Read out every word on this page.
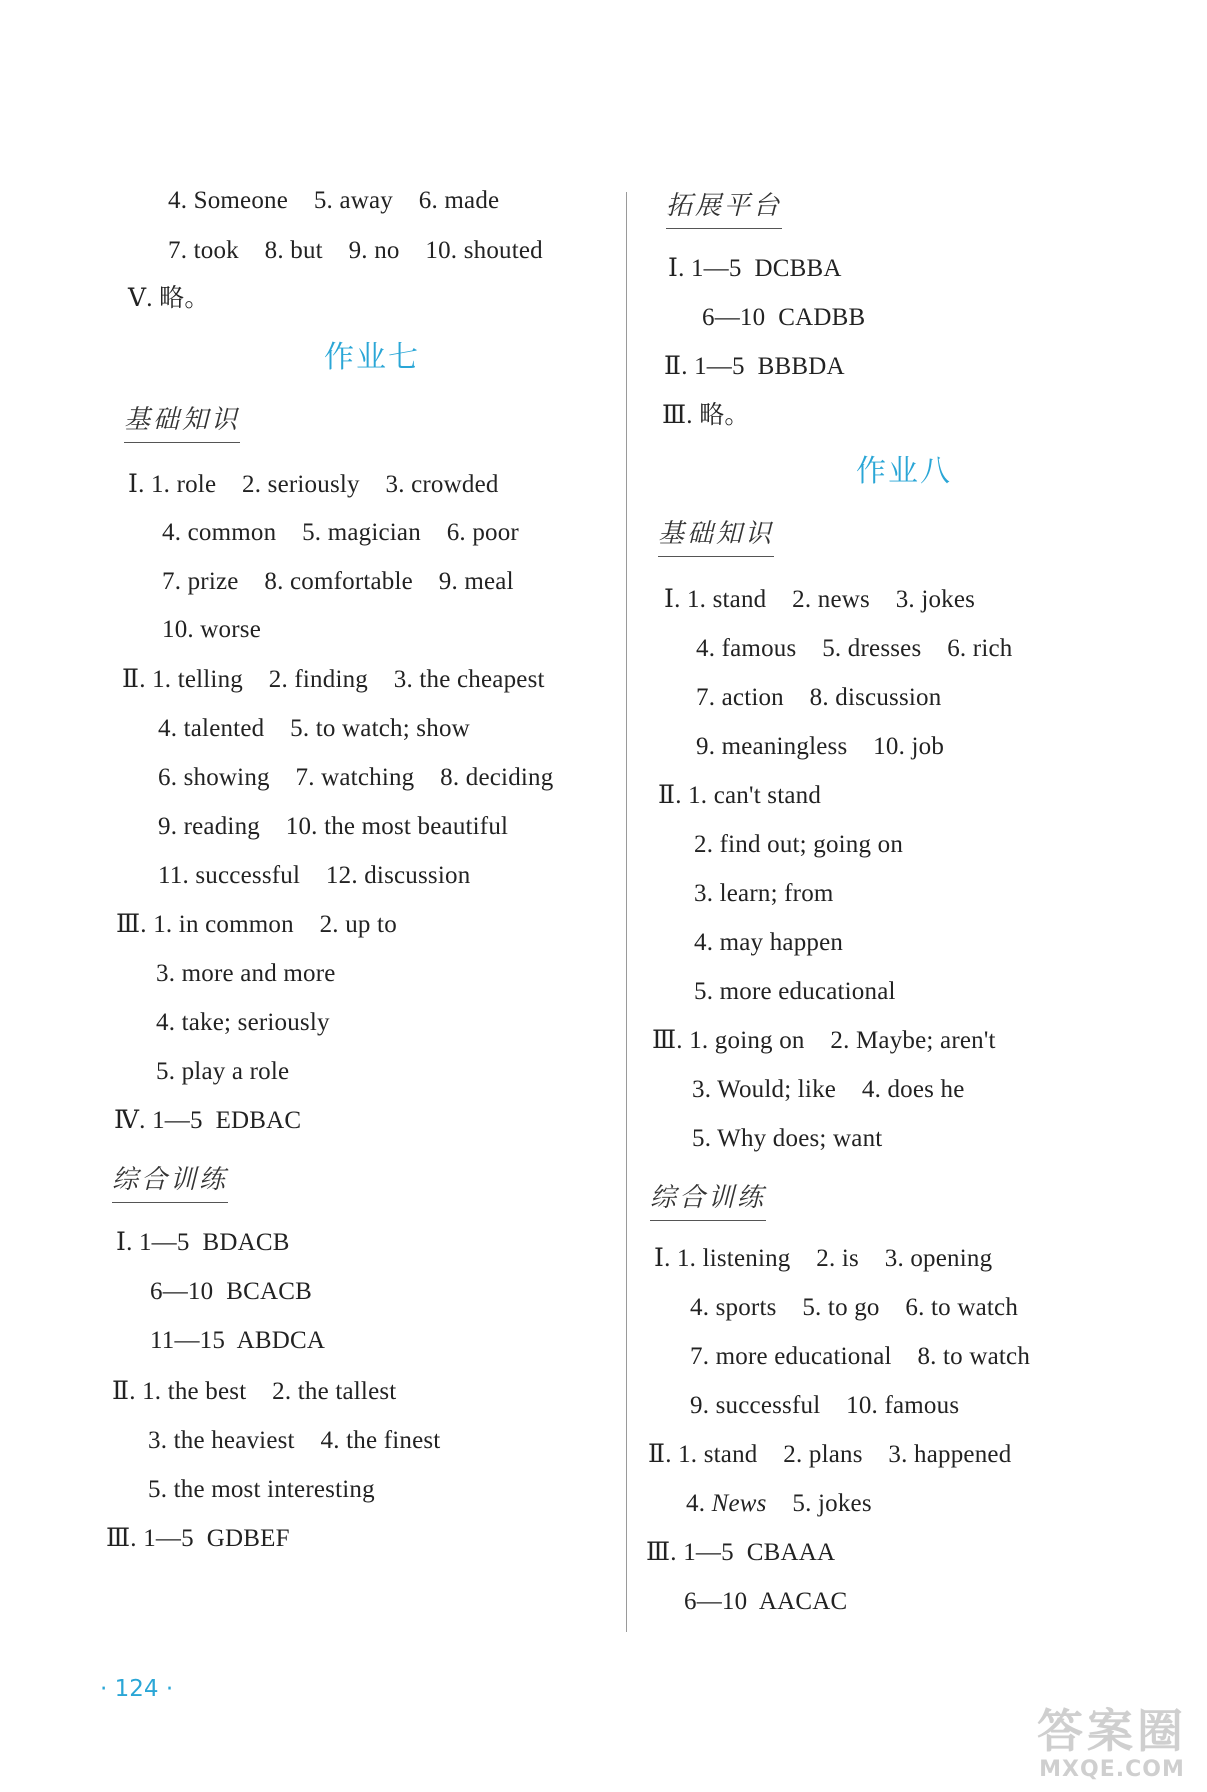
4. Someone    5. away    6. made
7. took    8. but    9. no    10. shouted
Ⅴ. 略。
作业七
基础知识
Ⅰ. 1. role    2. seriously    3. crowded
4. common    5. magician    6. poor
7. prize    8. comfortable    9. meal
10. worse
Ⅱ. 1. telling    2. finding    3. the cheapest
4. talented    5. to watch; show
6. showing    7. watching    8. deciding
9. reading    10. the most beautiful
11. successful    12. discussion
Ⅲ. 1. in common    2. up to
3. more and more
4. take; seriously
5. play a role
Ⅳ. 1—5  EDBAC
综合训练
Ⅰ. 1—5  BDACB
6—10  BCACB
11—15  ABDCA
Ⅱ. 1. the best    2. the tallest
3. the heaviest    4. the finest
5. the most interesting
Ⅲ. 1—5  GDBEF
拓展平台
Ⅰ. 1—5  DCBBA
6—10  CADBB
Ⅱ. 1—5  BBBDA
Ⅲ. 略。
作业八
基础知识
Ⅰ. 1. stand    2. news    3. jokes
4. famous    5. dresses    6. rich
7. action    8. discussion
9. meaningless    10. job
Ⅱ. 1. can't stand
2. find out; going on
3. learn; from
4. may happen
5. more educational
Ⅲ. 1. going on    2. Maybe; aren't
3. Would; like    4. does he
5. Why does; want
综合训练
Ⅰ. 1. listening    2. is    3. opening
4. sports    5. to go    6. to watch
7. more educational    8. to watch
9. successful    10. famous
Ⅱ. 1. stand    2. plans    3. happened
4. News 5. jokes
Ⅲ. 1—5  CBAAA
6—10  AACAC
· 124 ·
答案圈
MXQE.COM
